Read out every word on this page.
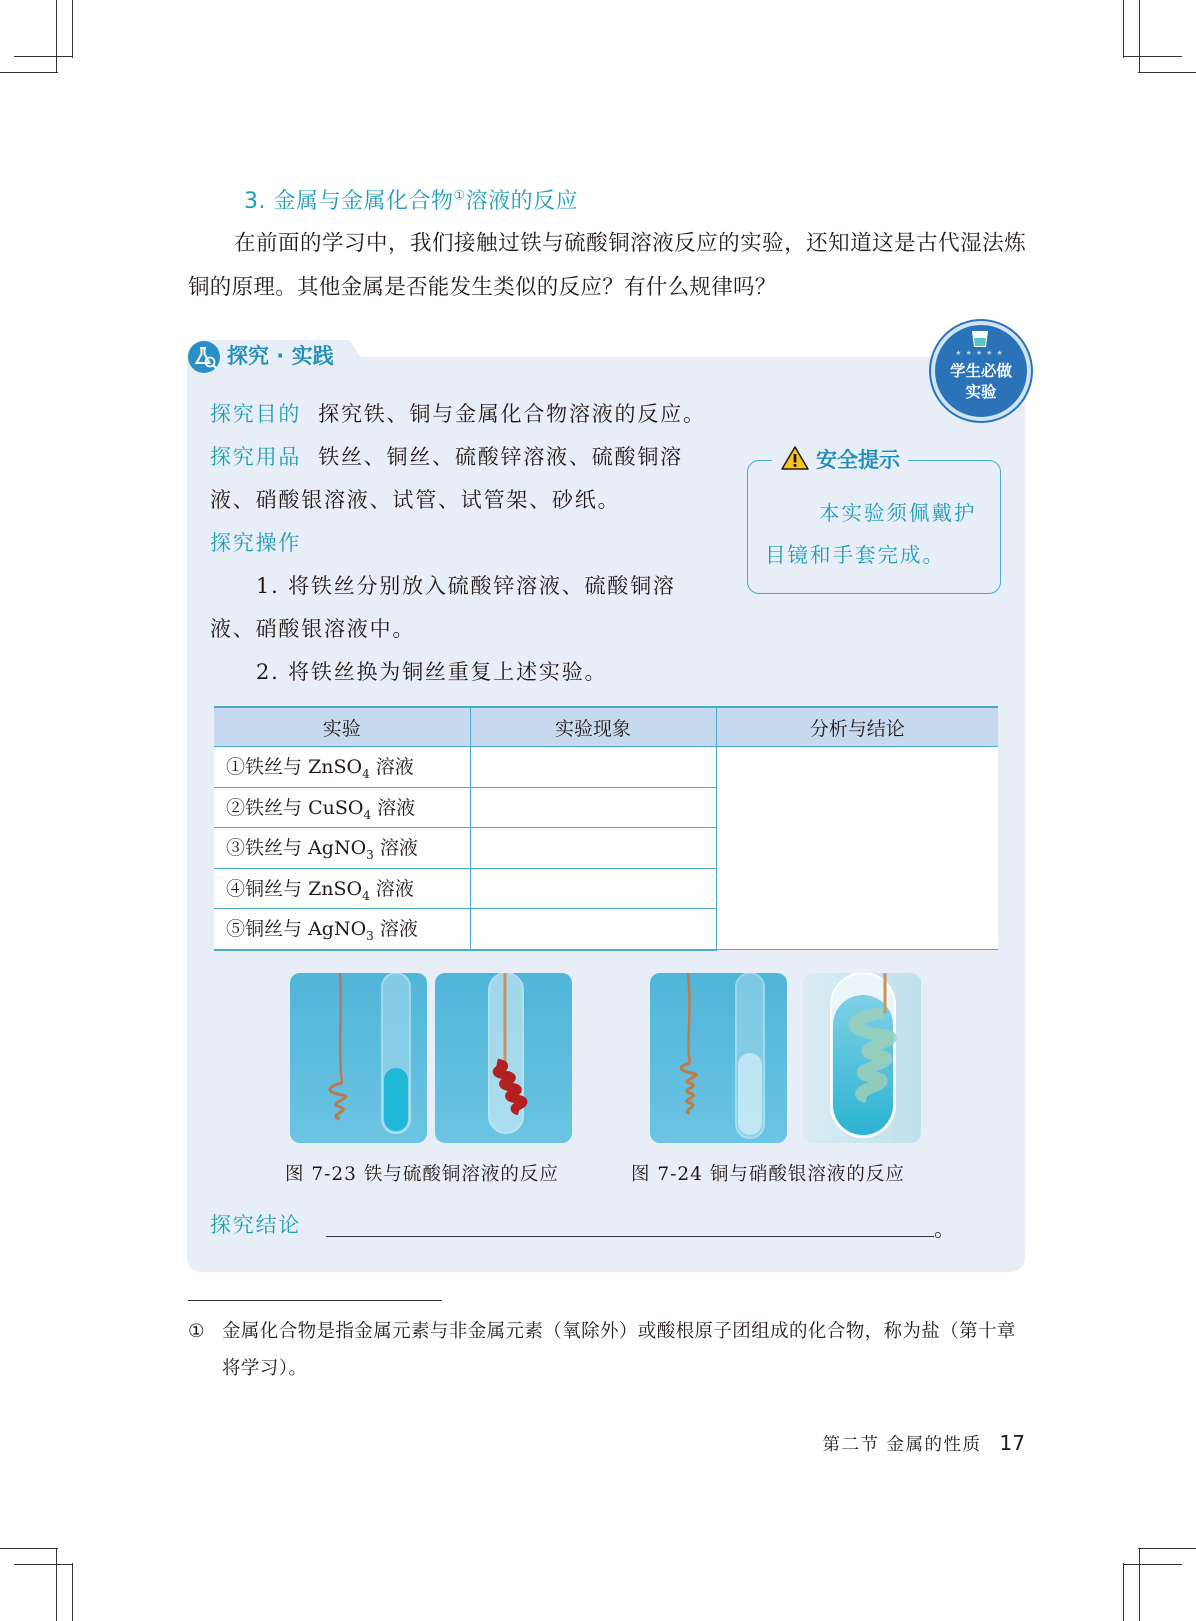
3. 金属与金属化合物①溶液的反应
在前面的学习中，我们接触过铁与硫酸铜溶液反应的实验，还知道这是古代湿法炼铜的原理。其他金属是否能发生类似的反应？有什么规律吗？
探究 · 实践	★★★★★
学生必做
实验
探究目的 探究铁、铜与金属化合物溶液的反应。
探究用品 铁丝、铜丝、硫酸锌溶液、硫酸铜溶
液、硝酸银溶液、试管、试管架、砂纸。
探究操作
1. 将铁丝分别放入硫酸锌溶液、硫酸铜溶
液、硝酸银溶液中。
2. 将铁丝换为铜丝重复上述实验。
安全提示
本实验须佩戴护目镜和手套完成。
实验	实验现象	分析与结论
①铁丝与 ZnSO$_4$ 溶液		
②铁丝与 CuSO$_4$ 溶液		
③铁丝与 AgNO$_3$ 溶液		
④铜丝与 ZnSO$_4$ 溶液		
⑤铜丝与 AgNO$_3$ 溶液		
图 7-23 铁与硫酸铜溶液的反应	图 7-24 铜与硝酸银溶液的反应
探究结论	。
① 金属化合物是指金属元素与非金属元素（氧除外）或酸根原子团组成的化合物，称为盐（第十章将学习）。
第二节 金属的性质 17
